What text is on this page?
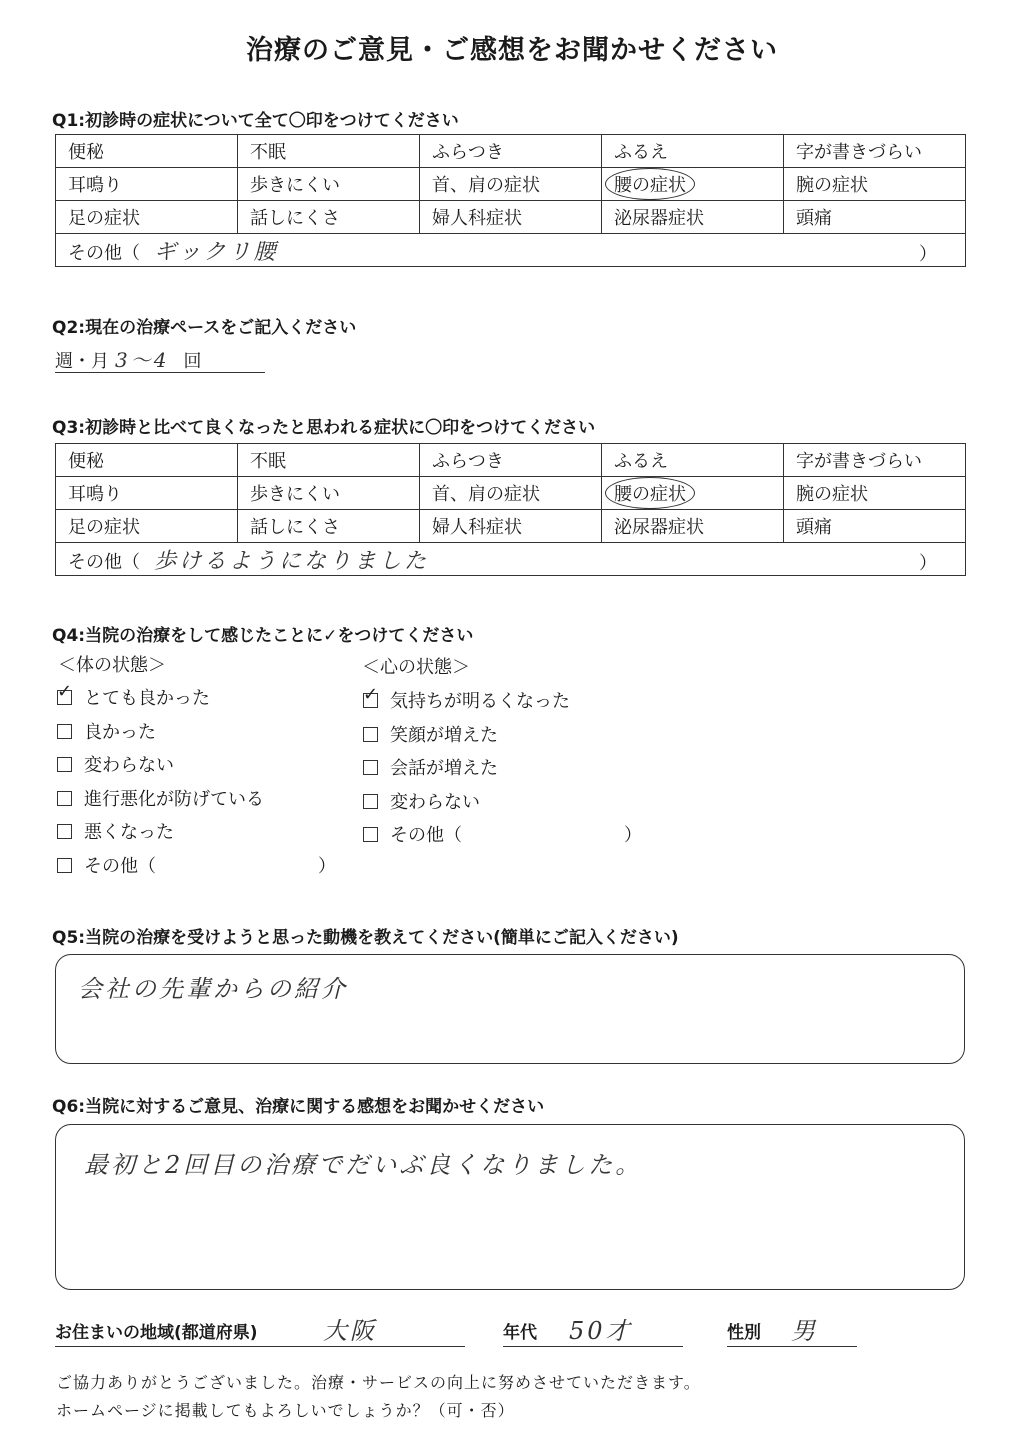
治療のご意見・ご感想をお聞かせください
Q1:初診時の症状について全て〇印をつけてください
便秘	不眠	ふらつき	ふるえ	字が書きづらい
耳鳴り	歩きにくい	首、肩の症状	腰の症状	腕の症状
足の症状	話しにくさ	婦人科症状	泌尿器症状	頭痛
その他（ ギックリ腰 ）				
Q2:現在の治療ペースをご記入ください
週・月 3〜4 回
Q3:初診時と比べて良くなったと思われる症状に〇印をつけてください
便秘	不眠	ふらつき	ふるえ	字が書きづらい
耳鳴り	歩きにくい	首、肩の症状	腰の症状	腕の症状
足の症状	話しにくさ	婦人科症状	泌尿器症状	頭痛
その他（ 歩けるようになりました ）				
Q4:当院の治療をして感じたことに✓をつけてください
＜体の状態＞	＜心の状態＞
✓とても良かった
良かった
変わらない
進行悪化が防げている
悪くなった
その他（　　　　　　　　　）
✓気持ちが明るくなった
笑顔が増えた
会話が増えた
変わらない
その他（　　　　　　　　　）
Q5:当院の治療を受けようと思った動機を教えてください(簡単にご記入ください)
会社の先輩からの紹介
Q6:当院に対するご意見、治療に関する感想をお聞かせください
最初と2回目の治療でだいぶ良くなりました。
お住まいの地域(都道府県)	大阪	年代 50才	性別 男
ご協力ありがとうございました。治療・サービスの向上に努めさせていただきます。
ホームページに掲載してもよろしいでしょうか？（可・否）
